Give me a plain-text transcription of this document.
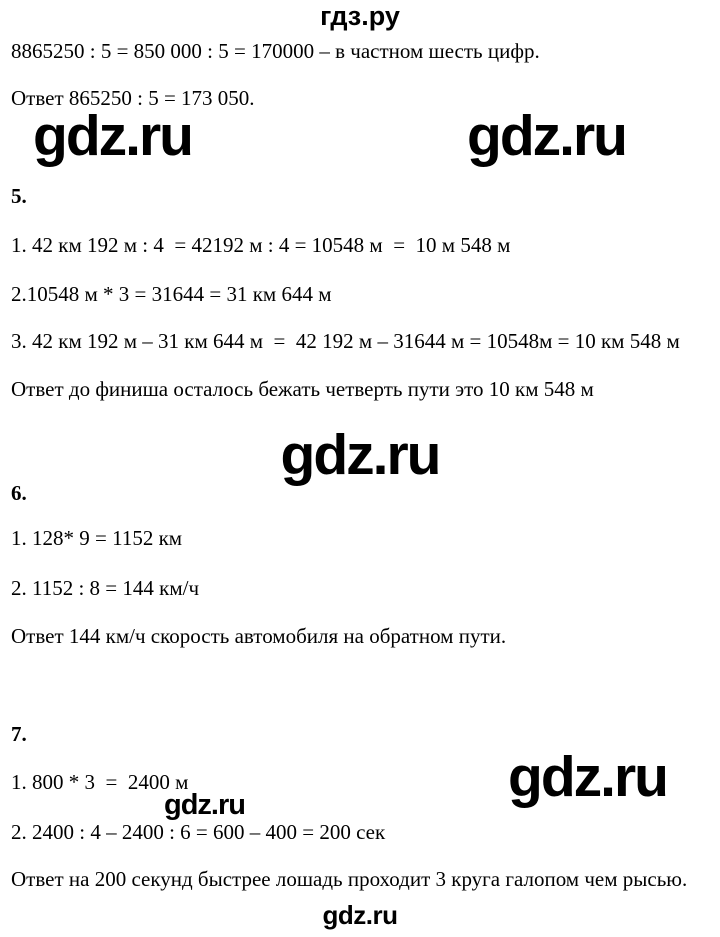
гдз.ру
8865250 : 5 = 850 000 : 5 = 170000 – в частном шесть цифр.
Ответ 865250 : 5 = 173 050.
gdz.ru	gdz.ru
5.
1. 42 км 192 м : 4  = 42192 м : 4 = 10548 м  =  10 м 548 м
2.10548 м * 3 = 31644 = 31 км 644 м
3. 42 км 192 м – 31 км 644 м  =  42 192 м – 31644 м = 10548м = 10 км 548 м
Ответ до финиша осталось бежать четверть пути это 10 км 548 м
gdz.ru
6.
1. 128* 9 = 1152 км
2. 1152 : 8 = 144 км/ч
Ответ 144 км/ч скорость автомобиля на обратном пути.
7.
1. 800 * 3  =  2400 м	gdz.ru
gdz.ru
2. 2400 : 4 – 2400 : 6 = 600 – 400 = 200 сек
Ответ на 200 секунд быстрее лошадь проходит 3 круга галопом чем рысью.
gdz.ru
